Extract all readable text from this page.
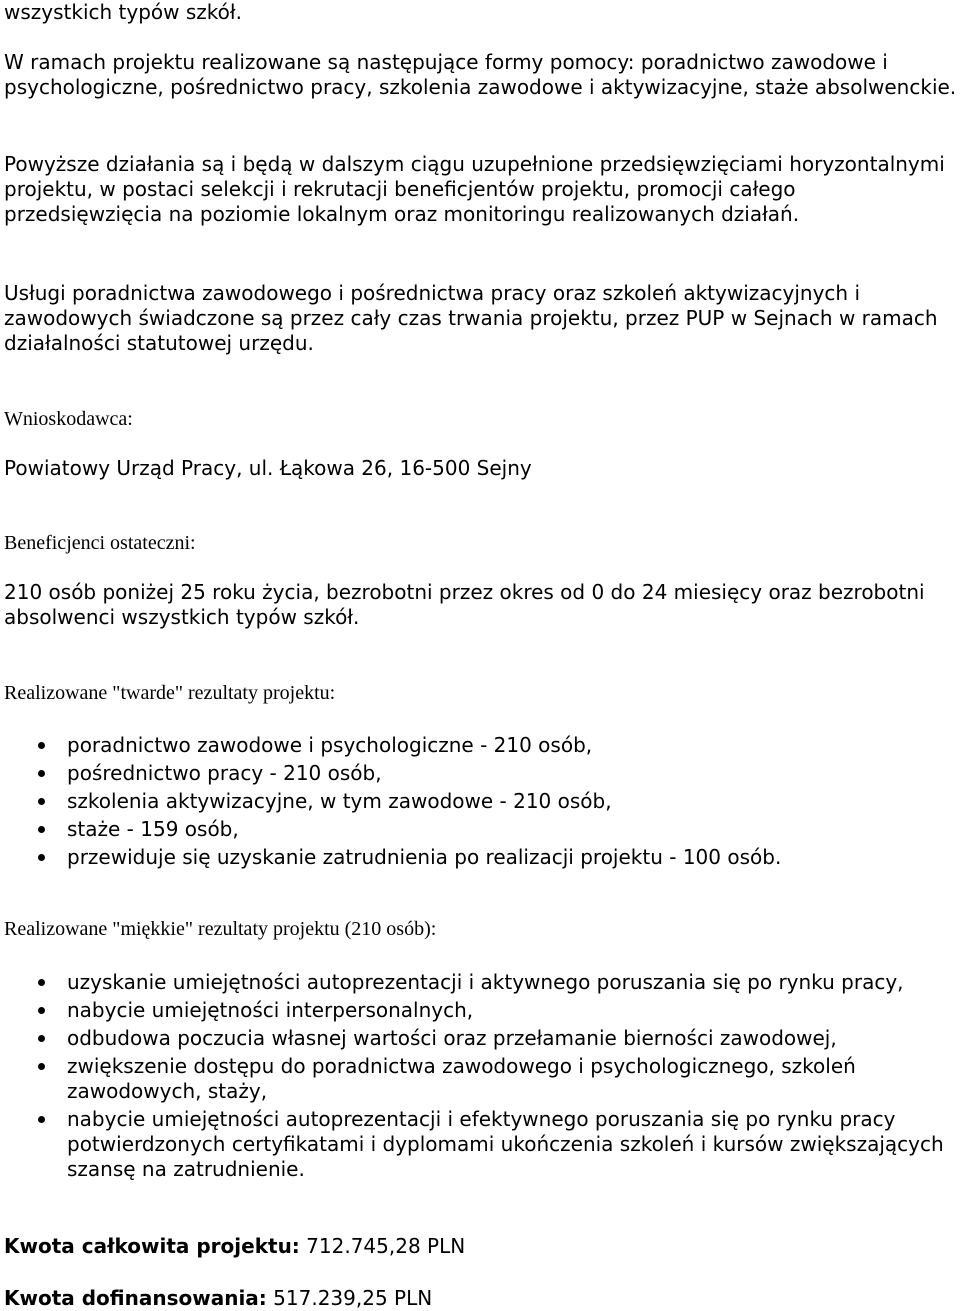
wszystkich typów szkół.

W ramach projektu realizowane są następujące formy pomocy: poradnictwo zawodowe i psychologiczne, pośrednictwo pracy, szkolenia zawodowe i aktywizacyjne, staże absolwenckie.

Powyższe działania są i będą w dalszym ciągu uzupełnione przedsięwzięciami horyzontalnymi projektu, w postaci selekcji i rekrutacji beneficjentów projektu, promocji całego przedsięwzięcia na poziomie lokalnym oraz monitoringu realizowanych działań.

Usługi poradnictwa zawodowego i pośrednictwa pracy oraz szkoleń aktywizacyjnych i zawodowych świadczone są przez cały czas trwania projektu, przez PUP w Sejnach w ramach działalności statutowej urzędu.

Wnioskodawca:

Powiatowy Urząd Pracy, ul. Łąkowa 26, 16-500 Sejny

Beneficjenci ostateczni:

210 osób poniżej 25 roku życia, bezrobotni przez okres od 0 do 24 miesięcy oraz bezrobotni absolwenci wszystkich typów szkół.

Realizowane "twarde" rezultaty projektu:

poradnictwo zawodowe i psychologiczne - 210 osób,
pośrednictwo pracy - 210 osób,
szkolenia aktywizacyjne, w tym zawodowe - 210 osób,
staże - 159 osób,
przewiduje się uzyskanie zatrudnienia po realizacji projektu - 100 osób.

Realizowane "miękkie" rezultaty projektu (210 osób):

uzyskanie umiejętności autoprezentacji i aktywnego poruszania się po rynku pracy,
nabycie umiejętności interpersonalnych,
odbudowa poczucia własnej wartości oraz przełamanie bierności zawodowej,
zwiększenie dostępu do poradnictwa zawodowego i psychologicznego, szkoleń zawodowych, staży,
nabycie umiejętności autoprezentacji i efektywnego poruszania się po rynku pracy potwierdzonych certyfikatami i dyplomami ukończenia szkoleń i kursów zwiększających szansę na zatrudnienie.

Kwota całkowita projektu: 712.745,28 PLN

Kwota dofinansowania: 517.239,25 PLN
